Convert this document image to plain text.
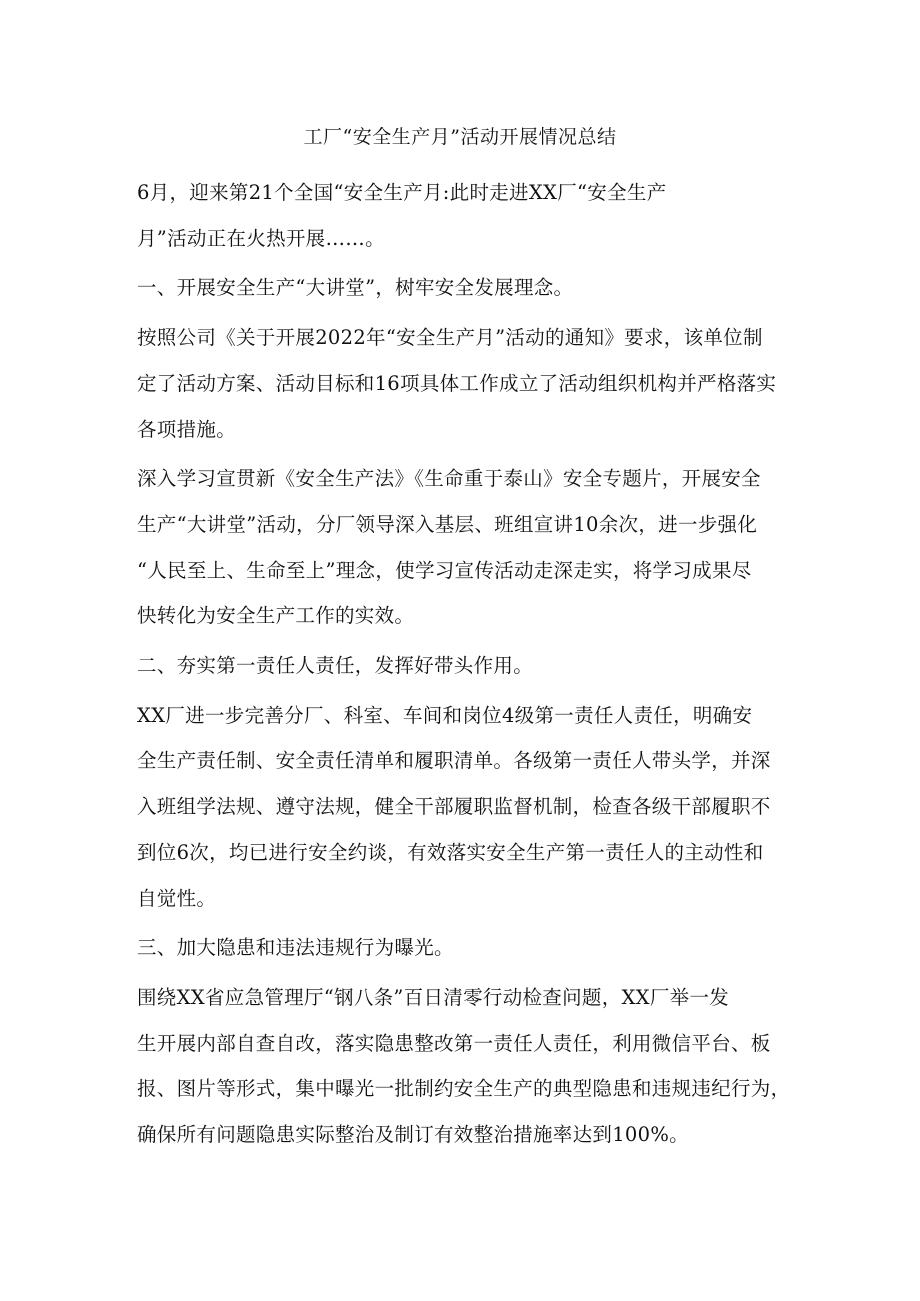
工厂“安全生产月”活动开展情况总结

6月，迎来第21个全国“安全生产月:此时走进XX厂“安全生产
月”活动正在火热开展……。

一、开展安全生产“大讲堂”，树牢安全发展理念。

按照公司《关于开展2022年“安全生产月”活动的通知》要求，该单位制
定了活动方案、活动目标和16项具体工作成立了活动组织机构并严格落实
各项措施。

深入学习宣贯新《安全生产法》《生命重于泰山》安全专题片，开展安全
生产“大讲堂”活动，分厂领导深入基层、班组宣讲10余次，进一步强化
“人民至上、生命至上”理念，使学习宣传活动走深走实，将学习成果尽
快转化为安全生产工作的实效。

二、夯实第一责任人责任，发挥好带头作用。

XX厂进一步完善分厂、科室、车间和岗位4级第一责任人责任，明确安
全生产责任制、安全责任清单和履职清单。各级第一责任人带头学，并深
入班组学法规、遵守法规，健全干部履职监督机制，检查各级干部履职不
到位6次，均已进行安全约谈，有效落实安全生产第一责任人的主动性和
自觉性。

三、加大隐患和违法违规行为曝光。

围绕XX省应急管理厅“钢八条”百日清零行动检查问题，XX厂举一发
生开展内部自查自改，落实隐患整改第一责任人责任，利用微信平台、板
报、图片等形式，集中曝光一批制约安全生产的典型隐患和违规违纪行为，
确保所有问题隐患实际整治及制订有效整治措施率达到100%。
